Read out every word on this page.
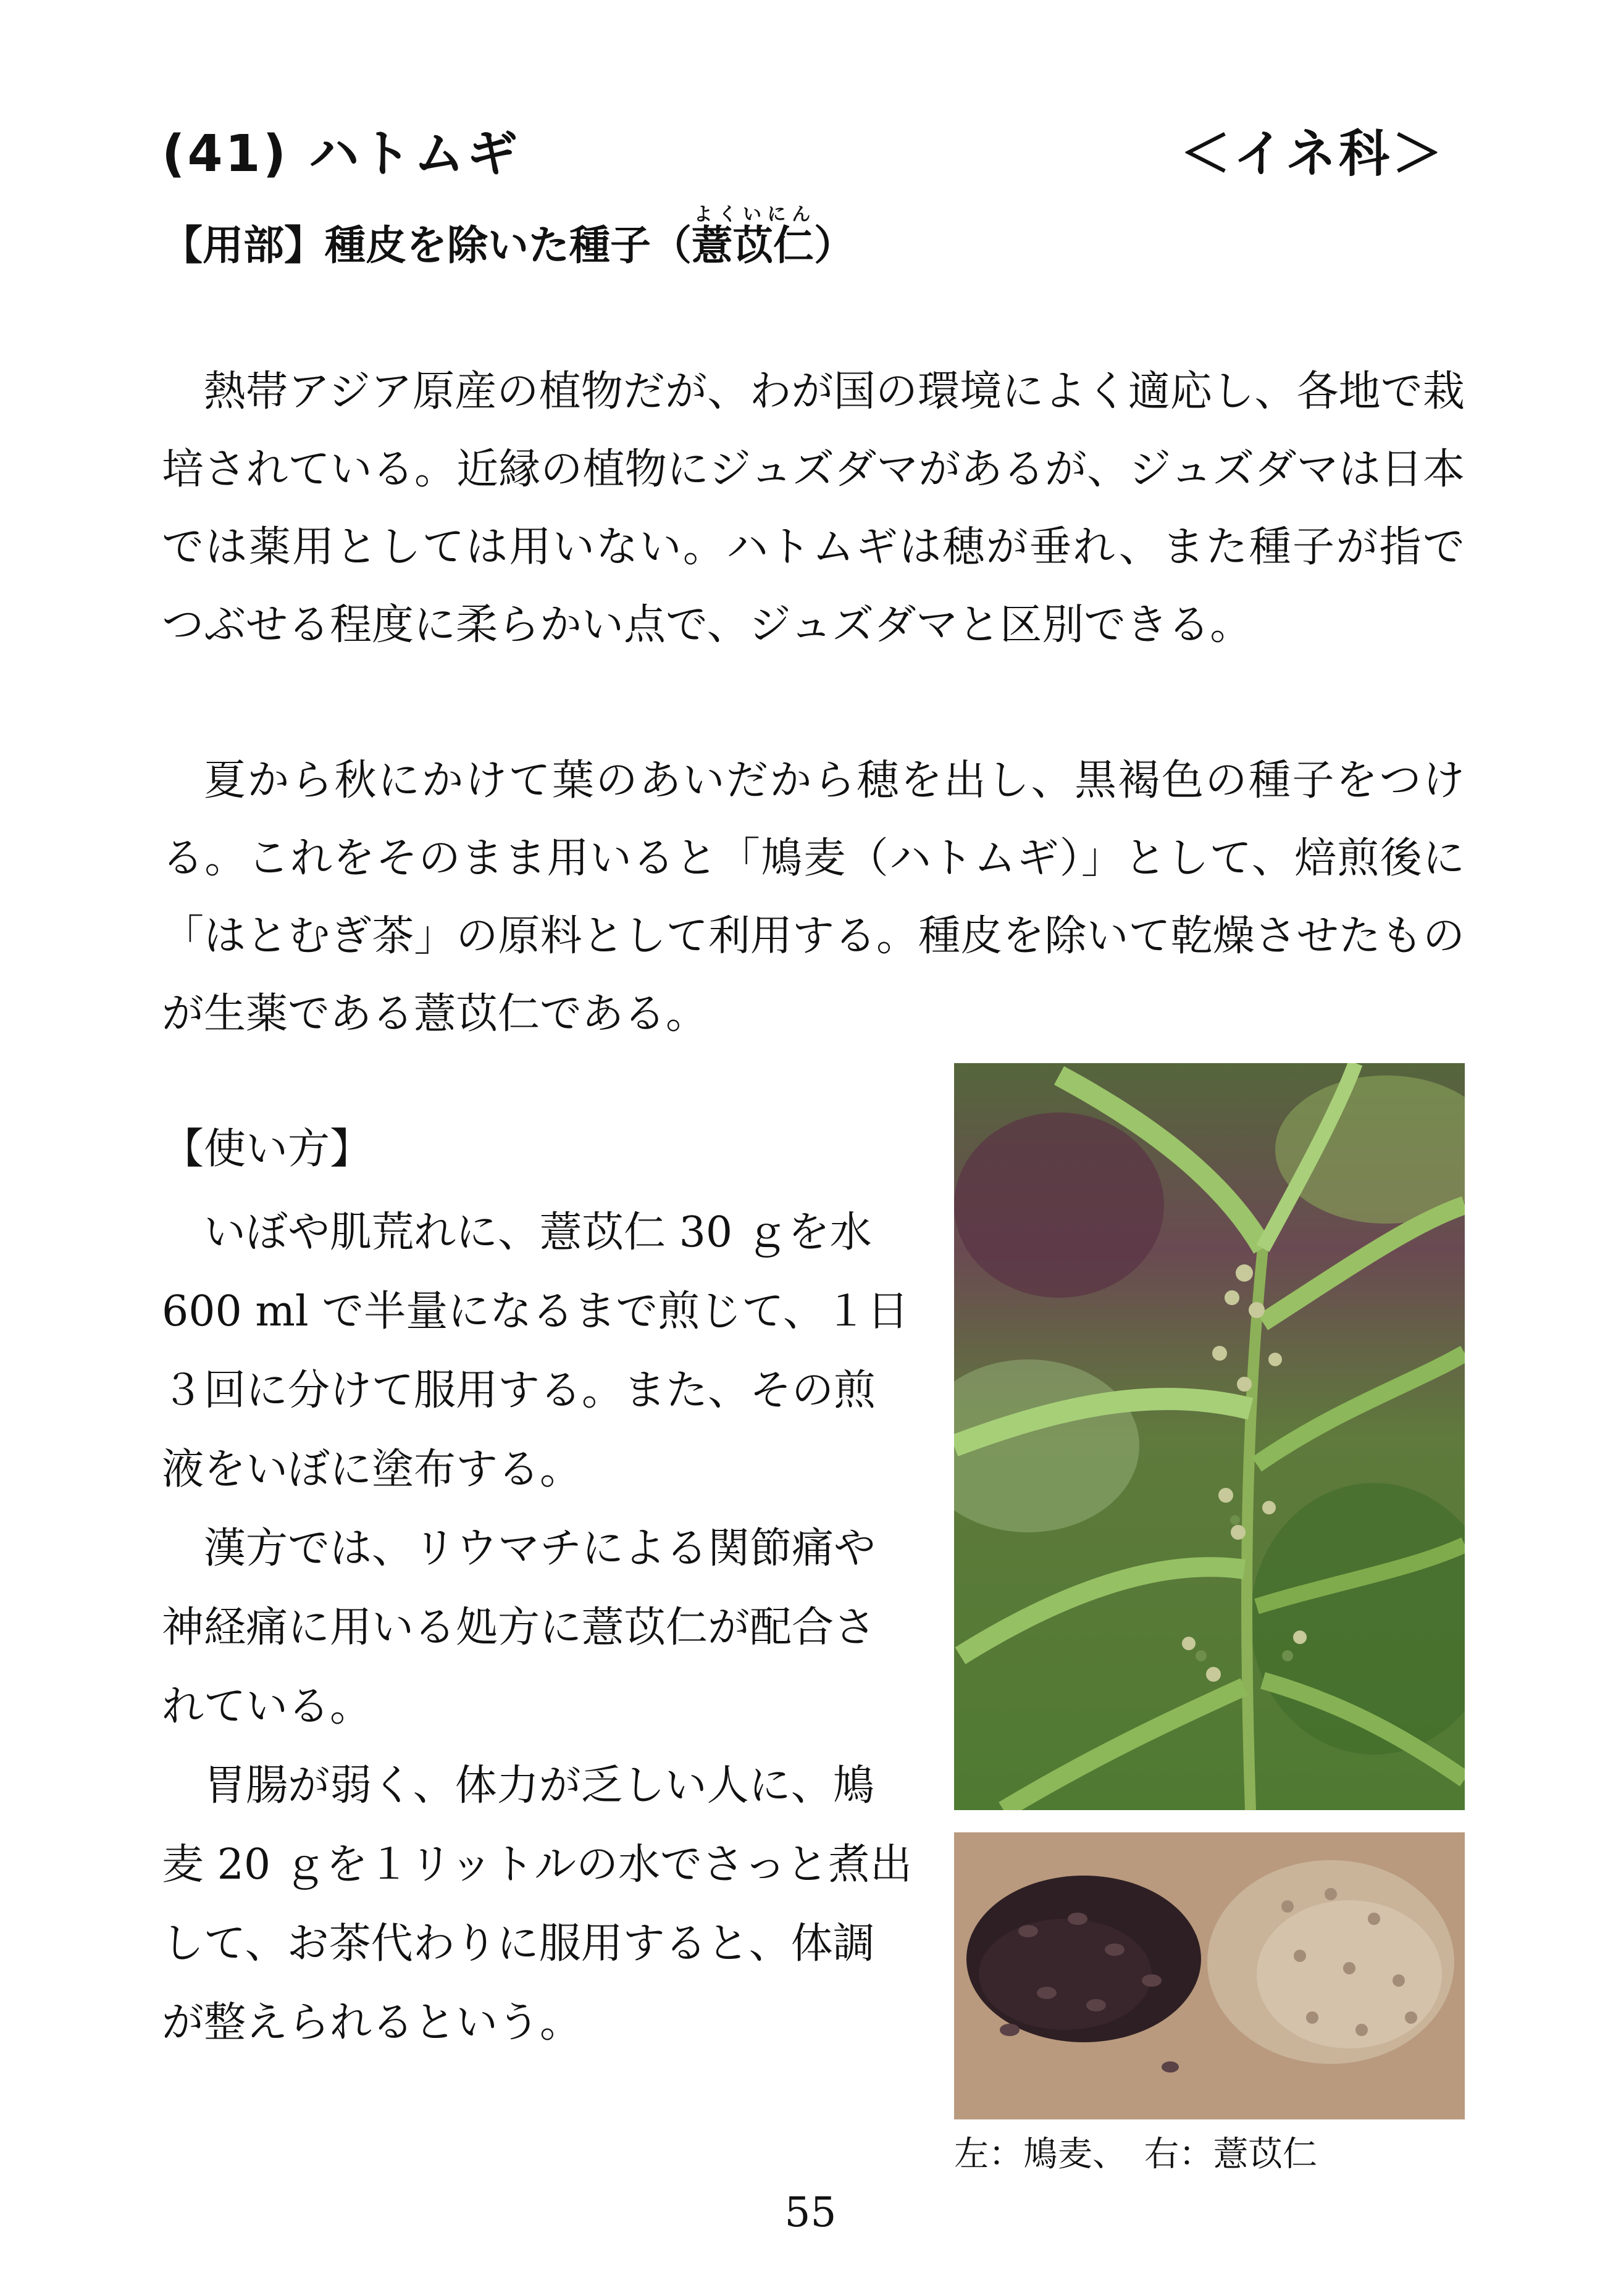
(41) ハトムギ	＜イネ科＞
【用部】種皮を除いた種子（薏苡仁よくいにん）

熱帯アジア原産の植物だが、わが国の環境によく適応し、各地で栽培されている。近縁の植物にジュズダマがあるが、ジュズダマは日本では薬用としては用いない。ハトムギは穂が垂れ、また種子が指でつぶせる程度に柔らかい点で、ジュズダマと区別できる。

夏から秋にかけて葉のあいだから穂を出し、黒褐色の種子をつける。これをそのまま用いると「鳩麦（ハトムギ）」として、焙煎後に「はとむぎ茶」の原料として利用する。種皮を除いて乾燥させたものが生薬である薏苡仁である。

【使い方】

いぼや肌荒れに、薏苡仁 30 ｇを水 600 ml で半量になるまで煎じて、１日３回に分けて服用する。また、その煎液をいぼに塗布する。

漢方では、リウマチによる関節痛や神経痛に用いる処方に薏苡仁が配合されている。

胃腸が弱く、体力が乏しい人に、鳩麦 20 ｇを１リットルの水でさっと煮出して、お茶代わりに服用すると、体調が整えられるという。

左：鳩麦、　右：薏苡仁
55
